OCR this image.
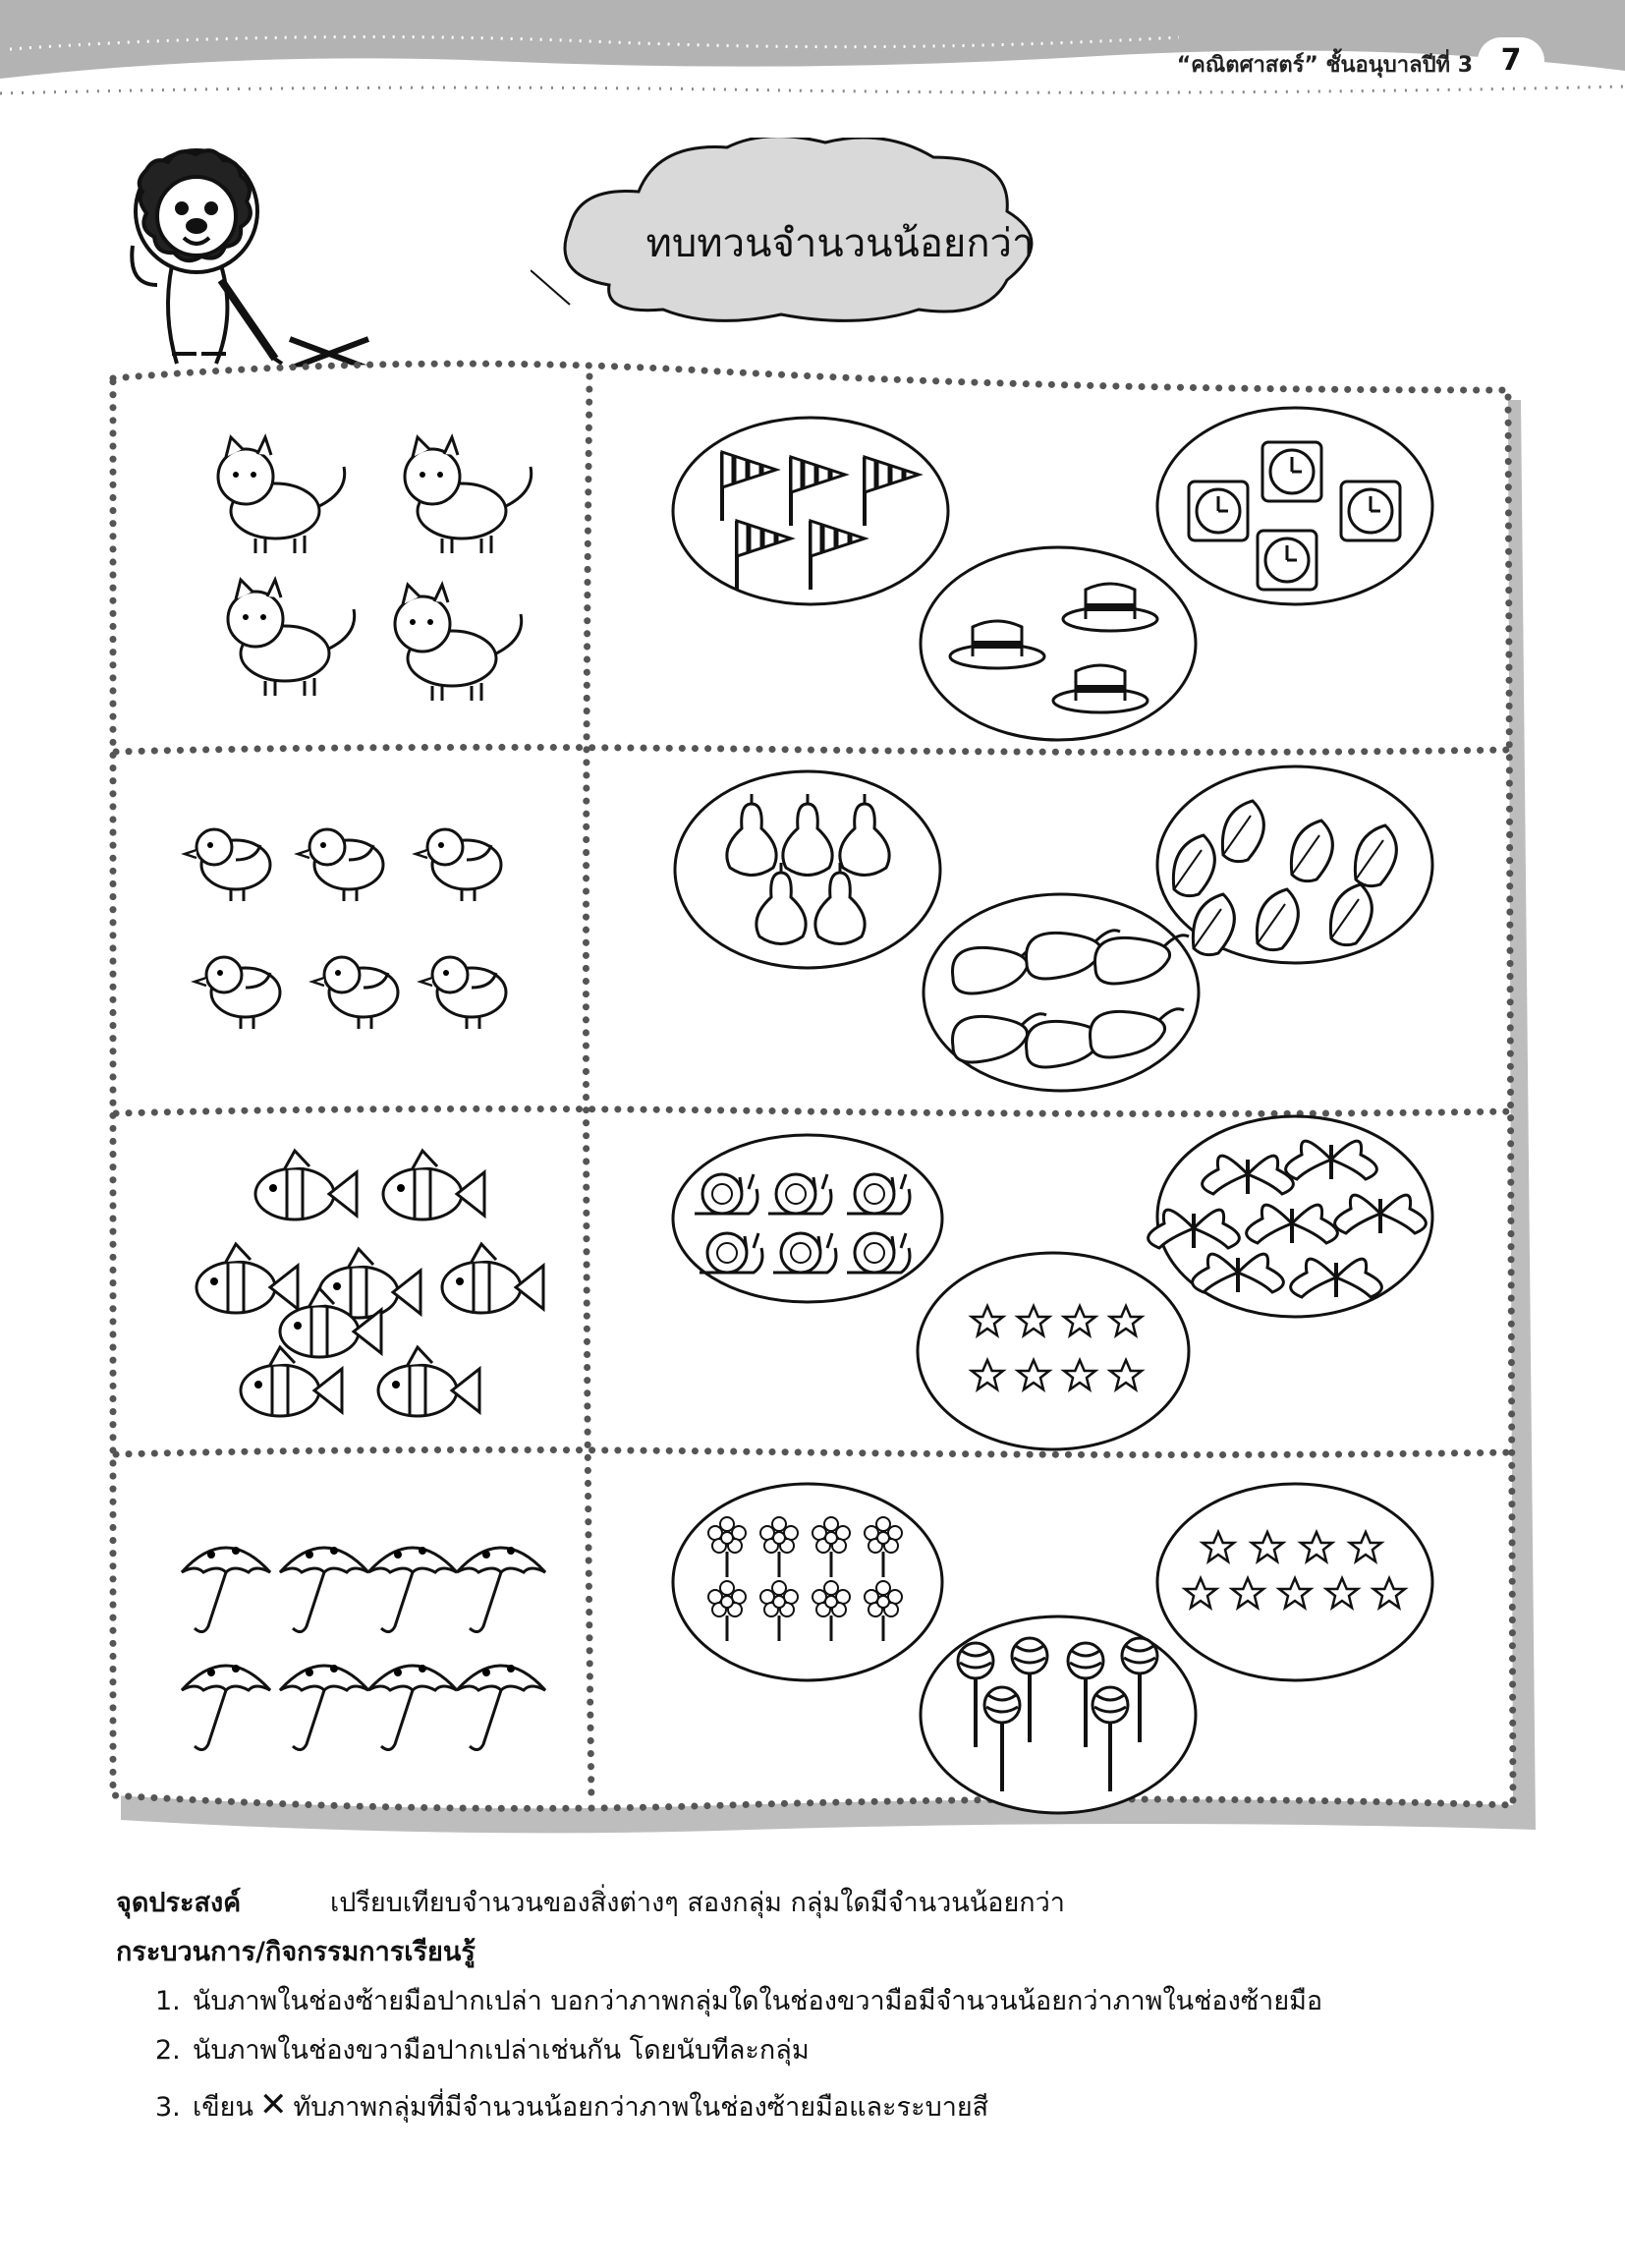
“คณิตศาสตร์” ชั้นอนุบาลปีที่ 3 7
ทบทวนจำนวนน้อยกว่า
จุดประสงค์	เปรียบเทียบจำนวนของสิ่งต่างๆ สองกลุ่ม กลุ่มใดมีจำนวนน้อยกว่า
กระบวนการ/กิจกรรมการเรียนรู้
1. นับภาพในช่องซ้ายมือปากเปล่า บอกว่าภาพกลุ่มใดในช่องขวามือมีจำนวนน้อยกว่าภาพในช่องซ้ายมือ
2. นับภาพในช่องขวามือปากเปล่าเช่นกัน โดยนับทีละกลุ่ม
3. เขียน ✕ ทับภาพกลุ่มที่มีจำนวนน้อยกว่าภาพในช่องซ้ายมือและระบายสี
